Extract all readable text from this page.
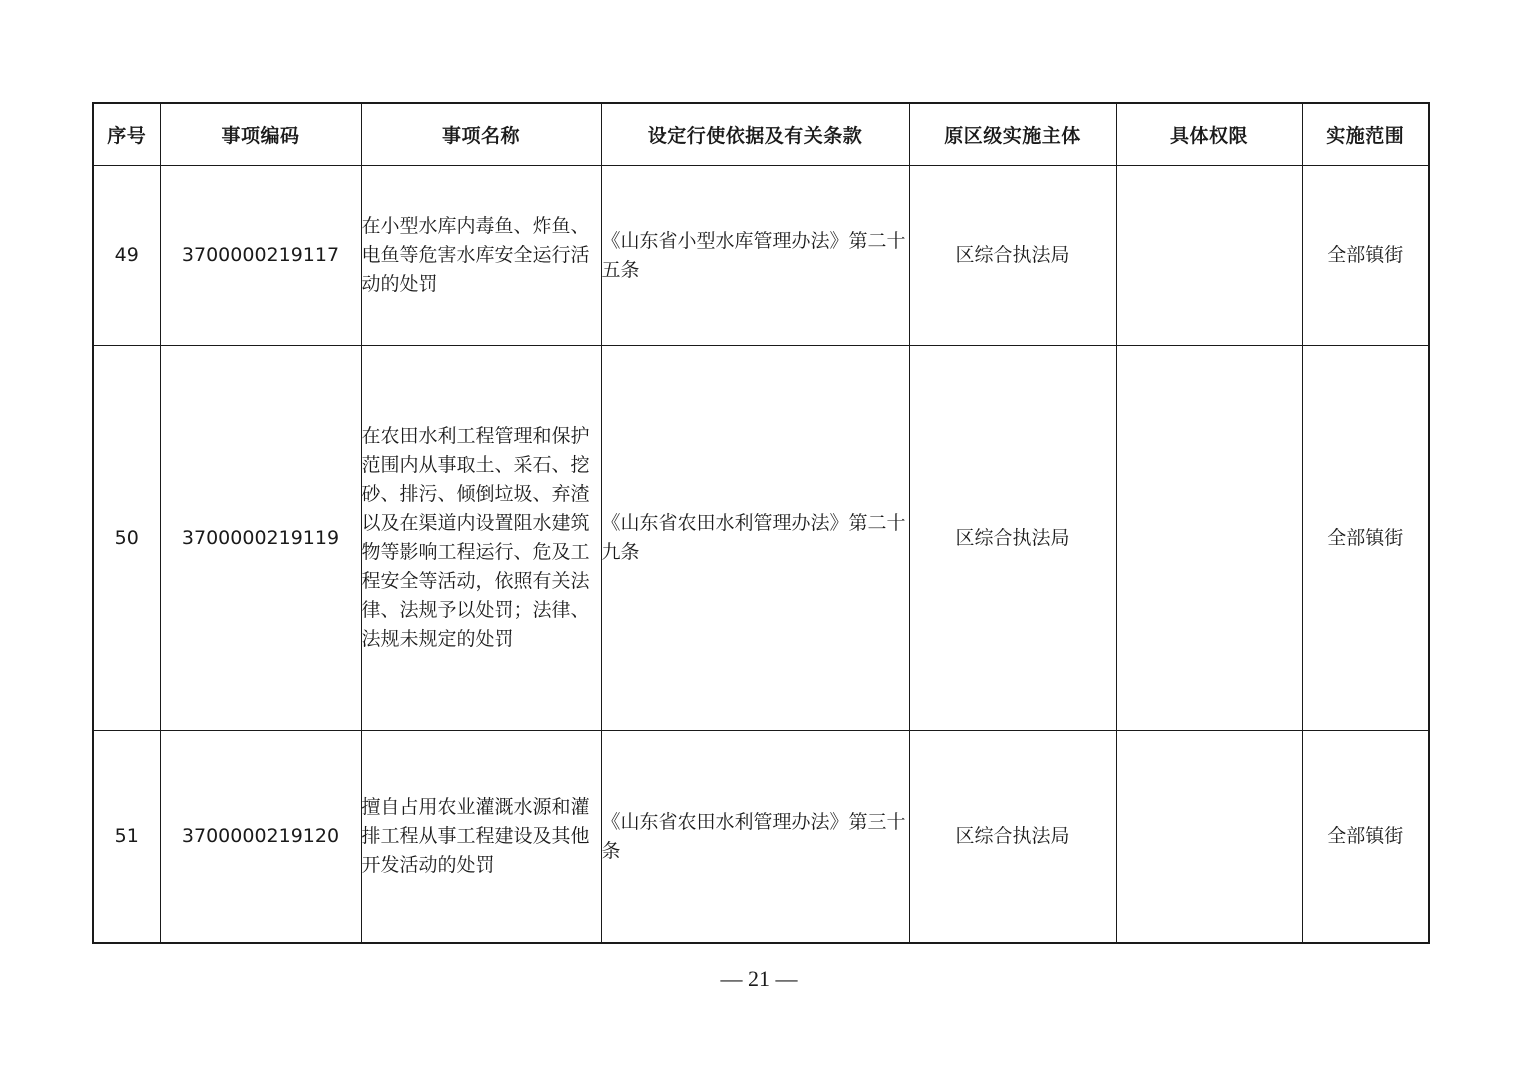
序号	事项编码	事项名称	设定行使依据及有关条款	原区级实施主体	具体权限	实施范围
49	3700000219117	在小型水库内毒鱼、炸鱼、电鱼等危害水库安全运行活动的处罚	《山东省小型水库管理办法》第二十五条	区综合执法局		全部镇街
50	3700000219119	在农田水利工程管理和保护范围内从事取土、采石、挖砂、排污、倾倒垃圾、弃渣以及在渠道内设置阻水建筑物等影响工程运行、危及工程安全等活动，依照有关法律、法规予以处罚；法律、法规未规定的处罚	《山东省农田水利管理办法》第二十九条	区综合执法局		全部镇街
51	3700000219120	擅自占用农业灌溉水源和灌排工程从事工程建设及其他开发活动的处罚	《山东省农田水利管理办法》第三十条	区综合执法局		全部镇街
— 21 —
